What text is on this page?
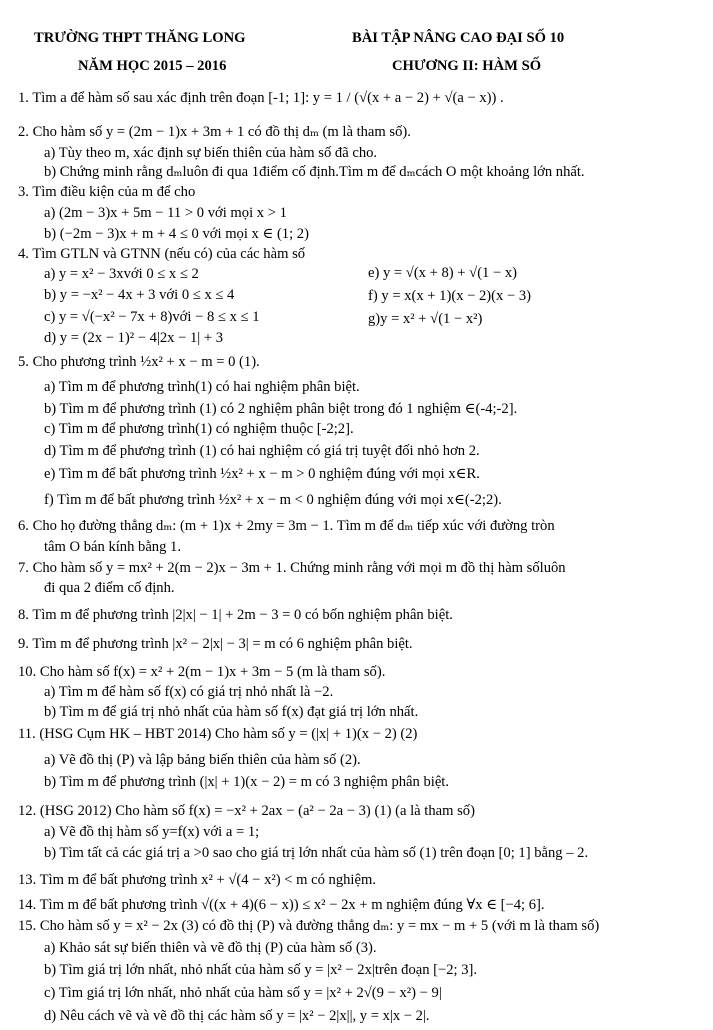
TRƯỜNG THPT THĂNG LONG
NĂM HỌC 2015 – 2016
BÀI TẬP NÂNG CAO ĐẠI SỐ 10
CHƯƠNG II: HÀM SỐ
1. Tìm a để hàm số sau xác định trên đoạn [-1; 1]: y = 1 / (√(x + a − 2) + √(a − x)) .
2. Cho hàm số y = (2m − 1)x + 3m + 1 có đồ thị dₘ (m là tham số).
a) Tùy theo m, xác định sự biến thiên của hàm số đã cho.
b) Chứng minh rằng dₘluôn đi qua 1điểm cố định.Tìm m để dₘcách O một khoảng lớn nhất.
3. Tìm điều kiện của m để cho
a) (2m − 3)x + 5m − 11 > 0 với mọi x > 1
b) (−2m − 3)x + m + 4 ≤ 0 với mọi x ∈ (1; 2)
4. Tìm GTLN và GTNN (nếu có) của các hàm số
a) y = x² − 3xvới 0 ≤ x ≤ 2
b) y = −x² − 4x + 3 với 0 ≤ x ≤ 4
c) y = √(−x² − 7x + 8)với − 8 ≤ x ≤ 1
d) y = (2x − 1)² − 4|2x − 1| + 3
5. Cho phương trình ½x² + x − m = 0 (1).
a) Tìm m để phương trình(1) có hai nghiệm phân biệt.
b) Tìm m để phương trình (1) có 2 nghiệm phân biệt trong đó 1 nghiệm ∈(-4;-2].
c) Tìm m để phương trình(1) có nghiệm thuộc [-2;2].
d) Tìm m để phương trình (1) có hai nghiệm có giá trị tuyệt đối nhỏ hơn 2.
e) Tìm m để bất phương trình ½x² + x − m > 0 nghiệm đúng với mọi x∈R.
f) Tìm m để bất phương trình ½x² + x − m < 0 nghiệm đúng với mọi x∈(-2;2).
6. Cho họ đường thẳng dₘ: (m + 1)x + 2my = 3m − 1. Tìm m để dₘ tiếp xúc với đường tròn
tâm O bán kính bằng 1.
7. Cho hàm số y = mx² + 2(m − 2)x − 3m + 1. Chứng minh rằng với mọi m đồ thị hàm sốluôn
đi qua 2 điểm cố định.
8. Tìm m để phương trình |2|x| − 1| + 2m − 3 = 0 có bốn nghiệm phân biệt.
9. Tìm m để phương trình |x² − 2|x| − 3| = m có 6 nghiệm phân biệt.
10. Cho hàm số f(x) = x² + 2(m − 1)x + 3m − 5 (m là tham số).
a) Tìm m để hàm số f(x) có giá trị nhỏ nhất là −2.
b) Tìm m để giá trị nhỏ nhất của hàm số f(x) đạt giá trị lớn nhất.
11. (HSG Cụm HK – HBT 2014) Cho hàm số y = (|x| + 1)(x − 2) (2)
a) Vẽ đồ thị (P) và lập bảng biến thiên của hàm số (2).
b) Tìm m để phương trình (|x| + 1)(x − 2) = m có 3 nghiệm phân biệt.
12. (HSG 2012) Cho hàm số f(x) = −x² + 2ax − (a² − 2a − 3) (1) (a là tham số)
a) Vẽ đồ thị hàm số y=f(x) với a = 1;
b) Tìm tất cả các giá trị a >0 sao cho giá trị lớn nhất của hàm số (1) trên đoạn [0; 1] bằng – 2.
13. Tìm m để bất phương trình x² + √(4 − x²) < m có nghiệm.
14. Tìm m để bất phương trình √((x + 4)(6 − x)) ≤ x² − 2x + m nghiệm đúng ∀x ∈ [−4; 6].
15. Cho hàm số y = x² − 2x (3) có đồ thị (P) và đường thẳng dₘ: y = mx − m + 5 (với m là tham số)
a) Khảo sát sự biến thiên và vẽ đồ thị (P) của hàm số (3).
b) Tìm giá trị lớn nhất, nhỏ nhất của hàm số y = |x² − 2x|trên đoạn [−2; 3].
c) Tìm giá trị lớn nhất, nhỏ nhất của hàm số y = |x² + 2√(9 − x²) − 9|
d) Nêu cách vẽ và vẽ đồ thị các hàm số y = |x² − 2|x||, y = x|x − 2|.
e) y = √(x + 8) + √(1 − x)
f) y = x(x + 1)(x − 2)(x − 3)
g)y = x² + √(1 − x²)
